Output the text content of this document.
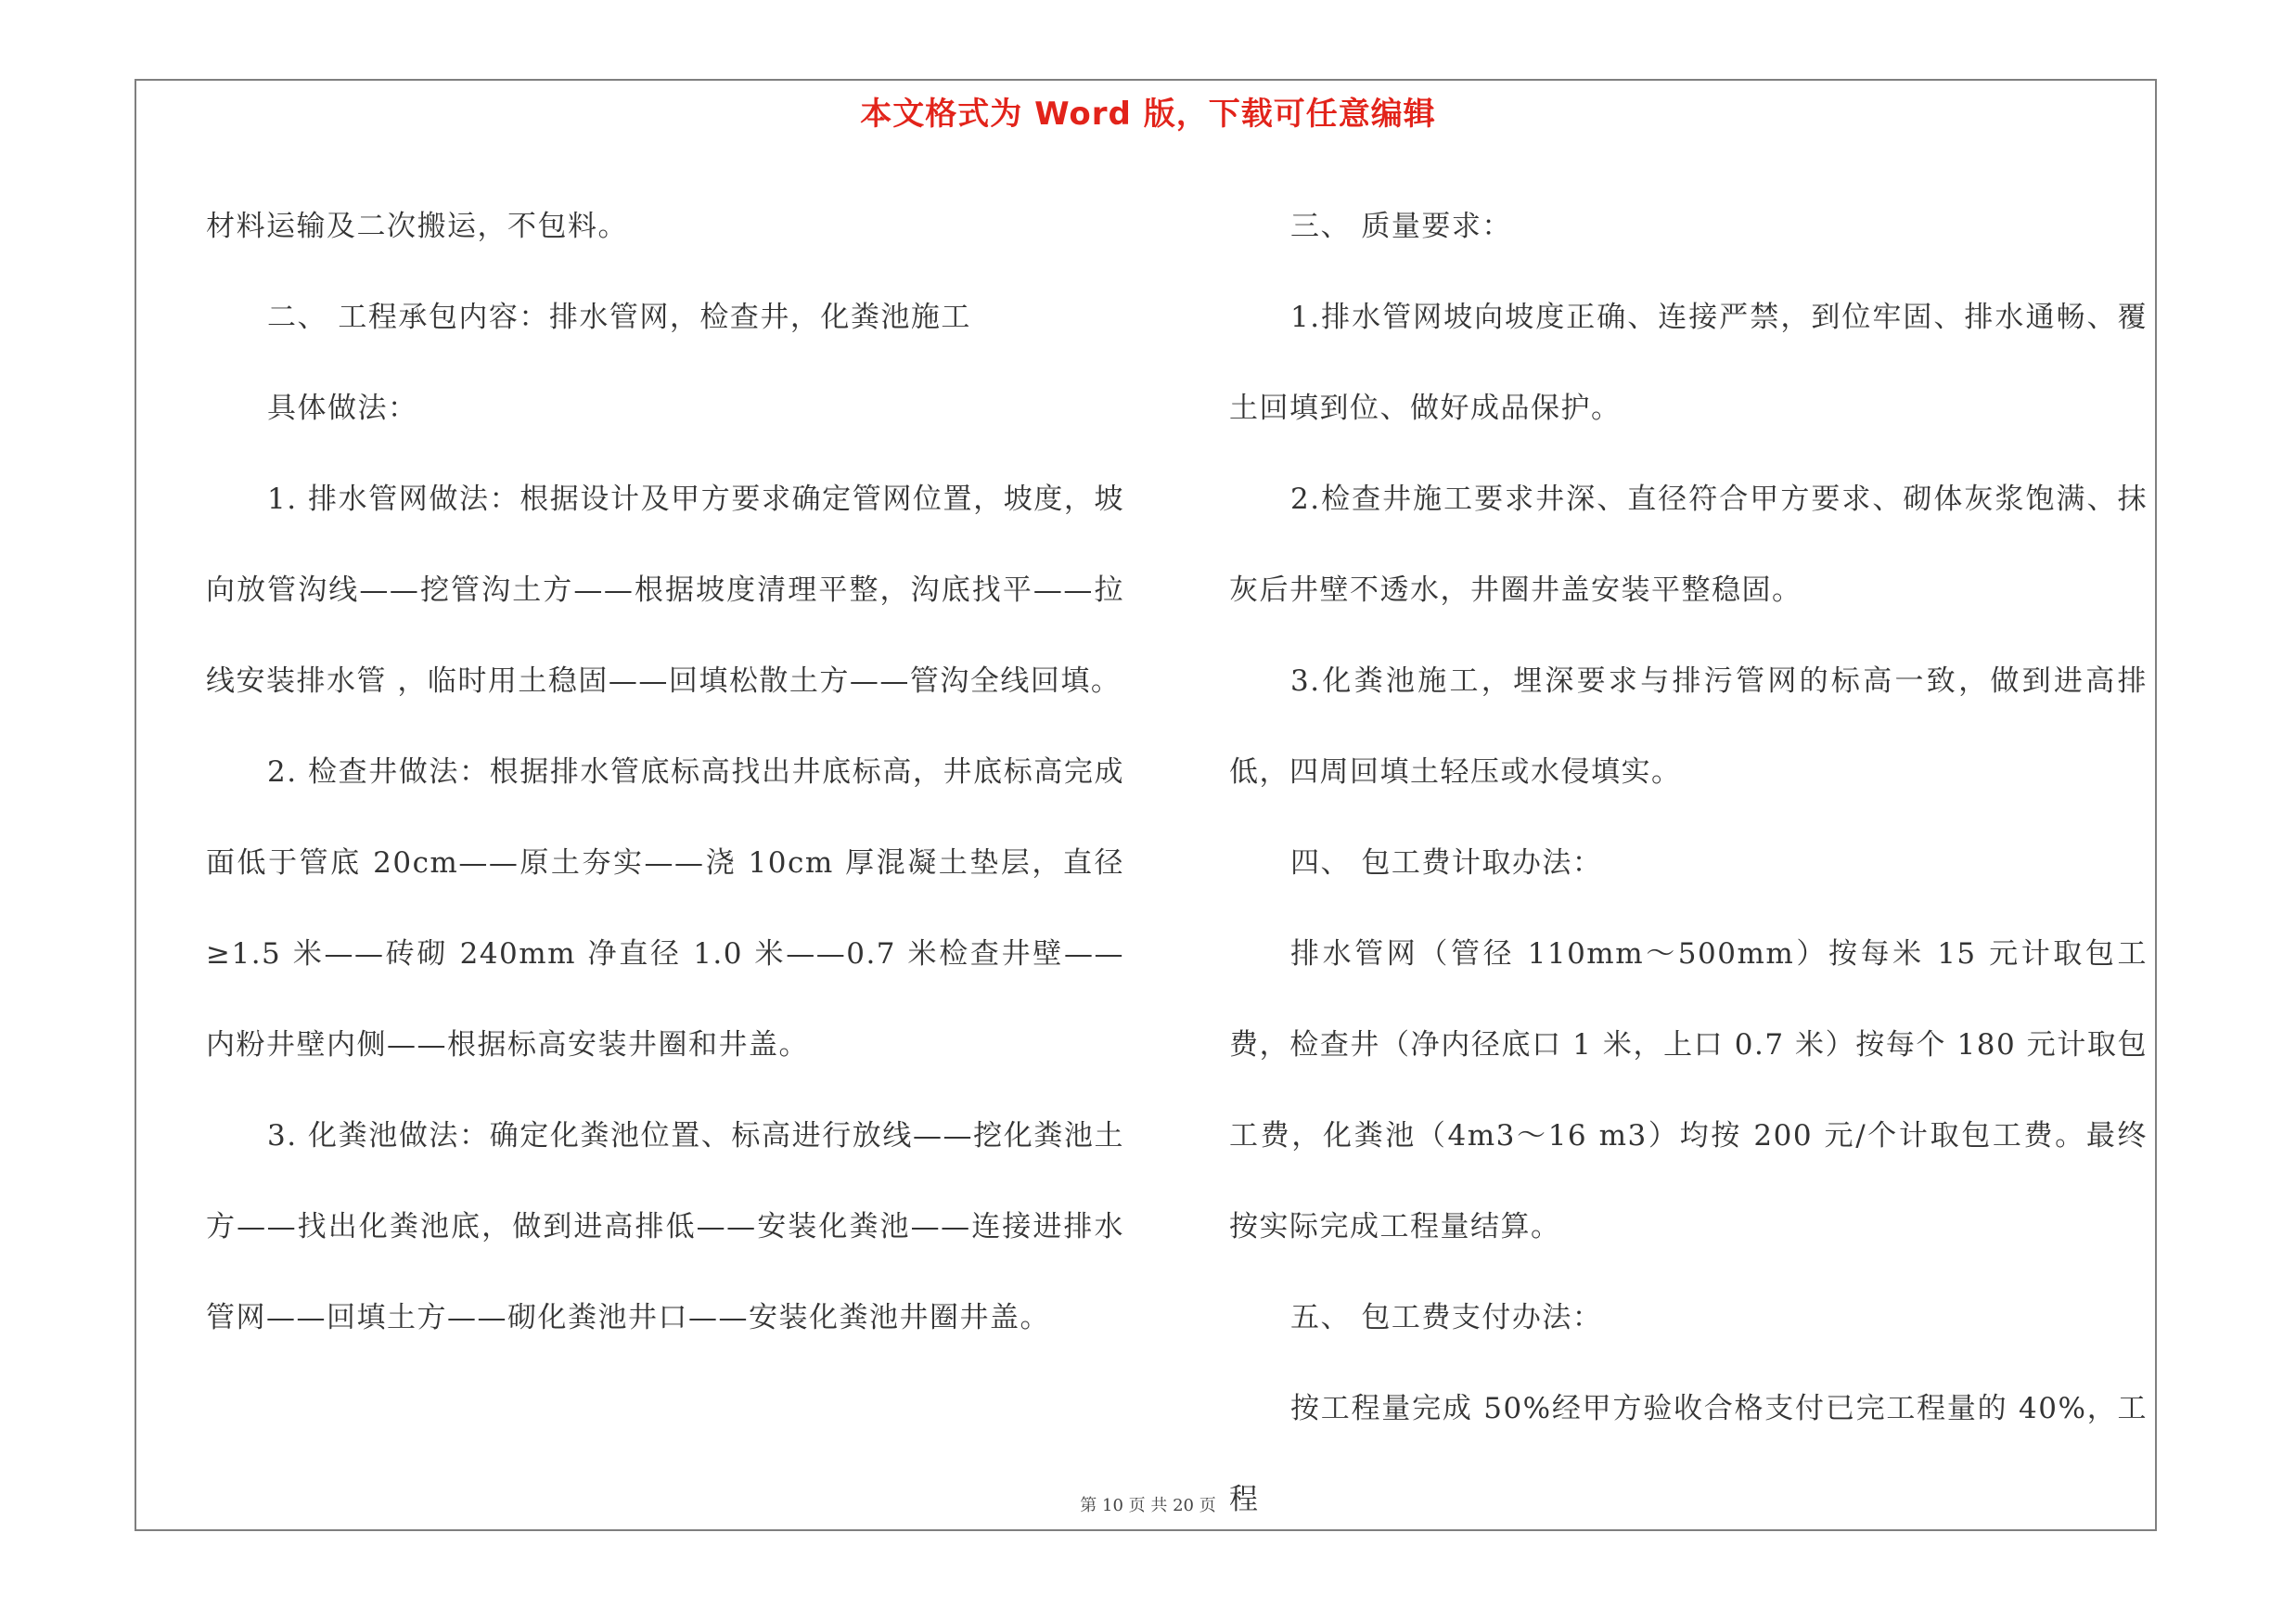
本文格式为 Word 版，下载可任意编辑

材料运输及二次搬运，不包料。

二、 工程承包内容：排水管网，检查井，化粪池施工

具体做法：

1. 排水管网做法：根据设计及甲方要求确定管网位置，坡度，坡向放管沟线——挖管沟土方——根据坡度清理平整，沟底找平——拉线安装排水管 ，临时用土稳固——回填松散土方——管沟全线回填。

2. 检查井做法：根据排水管底标高找出井底标高，井底标高完成面低于管底 20cm——原土夯实——浇 10cm 厚混凝土垫层，直径≥1.5 米——砖砌 240mm 净直径 1.0 米——0.7 米检查井壁——内粉井壁内侧——根据标高安装井圈和井盖。

3. 化粪池做法：确定化粪池位置、标高进行放线——挖化粪池土方——找出化粪池底，做到进高排低——安装化粪池——连接进排水管网——回填土方——砌化粪池井口——安装化粪池井圈井盖。

三、 质量要求：

1.排水管网坡向坡度正确、连接严禁，到位牢固、排水通畅、覆土回填到位、做好成品保护。

2.检查井施工要求井深、直径符合甲方要求、砌体灰浆饱满、抹灰后井壁不透水，井圈井盖安装平整稳固。

3.化粪池施工，埋深要求与排污管网的标高一致，做到进高排低，四周回填土轻压或水侵填实。

四、 包工费计取办法：

排水管网（管径 110mm～500mm）按每米 15 元计取包工费，检查井（净内径底口 1 米，上口 0.7 米）按每个 180 元计取包工费，化粪池（4m3～16 m3）均按 200 元/个计取包工费。最终按实际完成工程量结算。

五、 包工费支付办法：

按工程量完成 50%经甲方验收合格支付已完工程量的 40%，工程

第 10 页 共 20 页
